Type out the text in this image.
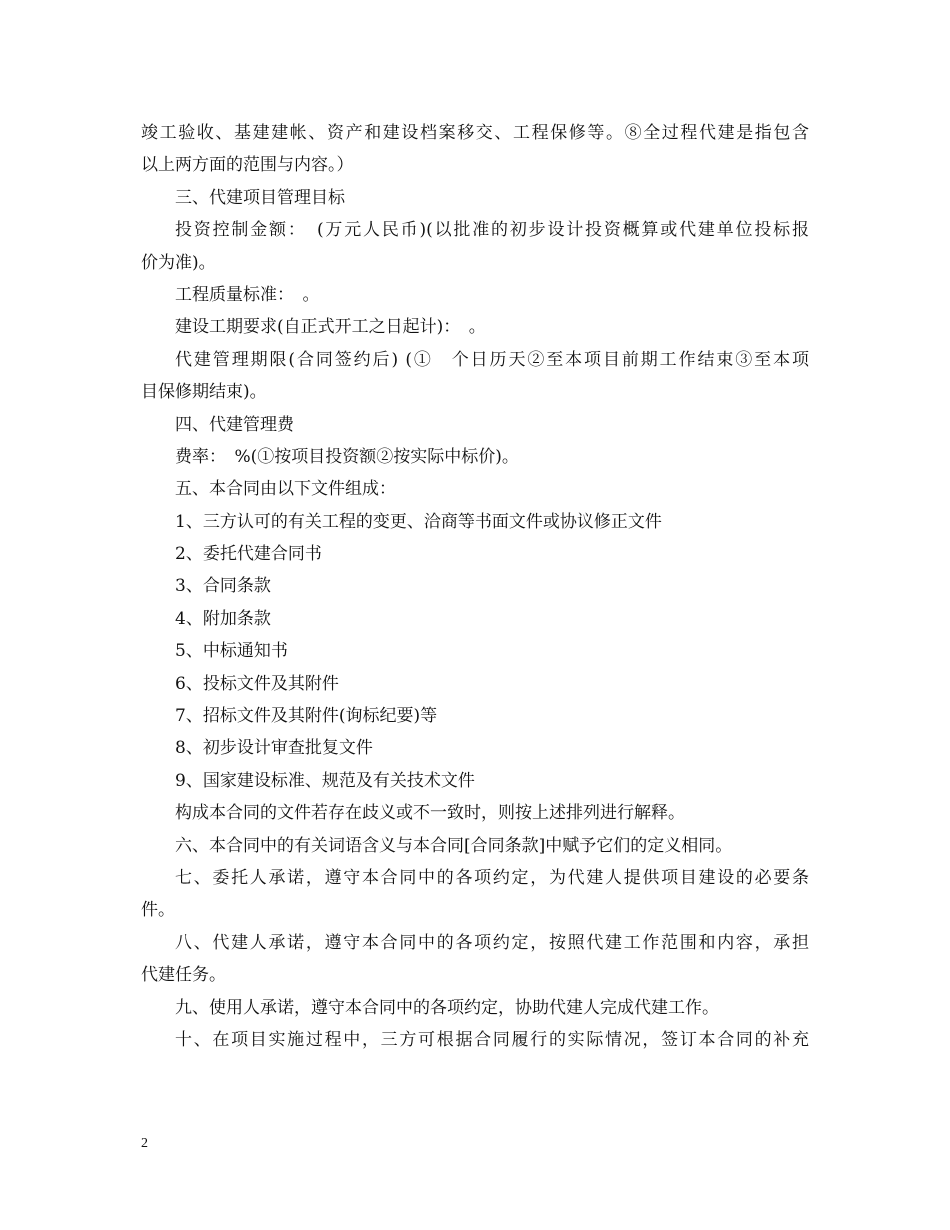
竣工验收、基建建帐、资产和建设档案移交、工程保修等。⑧全过程代建是指包含
以上两方面的范围与内容。）
三、代建项目管理目标
投资控制金额：　(万元人民币)(以批准的初步设计投资概算或代建单位投标报
价为准)。
工程质量标准：　。
建设工期要求(自正式开工之日起计)：　。
代建管理期限(合同签约后) (①　个日历天②至本项目前期工作结束③至本项
目保修期结束)。
四、代建管理费
费率：　%(①按项目投资额②按实际中标价)。
五、本合同由以下文件组成：
1、三方认可的有关工程的变更、洽商等书面文件或协议修正文件
2、委托代建合同书
3、合同条款
4、附加条款
5、中标通知书
6、投标文件及其附件
7、招标文件及其附件(询标纪要)等
8、初步设计审查批复文件
9、国家建设标准、规范及有关技术文件
构成本合同的文件若存在歧义或不一致时，则按上述排列进行解释。
六、本合同中的有关词语含义与本合同[合同条款]中赋予它们的定义相同。
七、委托人承诺，遵守本合同中的各项约定，为代建人提供项目建设的必要条
件。
八、代建人承诺，遵守本合同中的各项约定，按照代建工作范围和内容，承担
代建任务。
九、使用人承诺，遵守本合同中的各项约定，协助代建人完成代建工作。
十、在项目实施过程中，三方可根据合同履行的实际情况，签订本合同的补充
2
